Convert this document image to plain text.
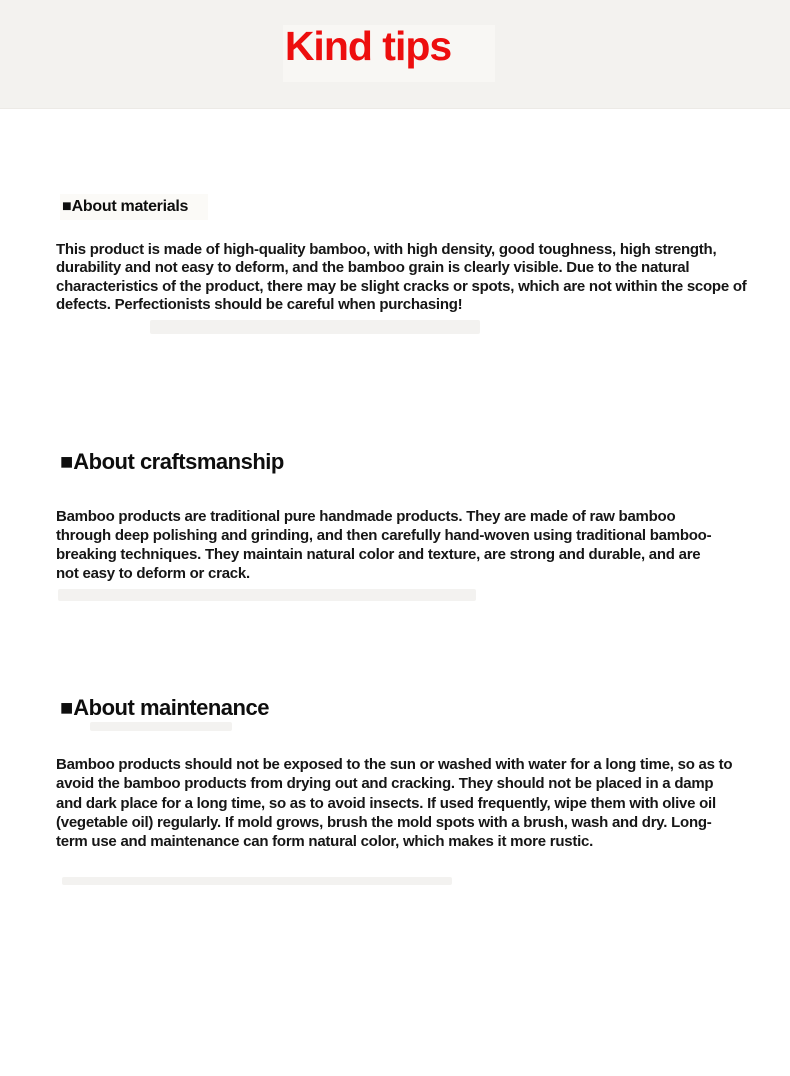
Kind tips
■ About materials

This product is made of high-quality bamboo, with high density, good toughness, high strength, durability and not easy to deform, and the bamboo grain is clearly visible. Due to the natural characteristics of the product, there may be slight cracks or spots, which are not within the scope of defects. Perfectionists should be careful when purchasing!

■ About craftsmanship

Bamboo products are traditional pure handmade products. They are made of raw bamboo through deep polishing and grinding, and then carefully hand-woven using traditional bamboo-breaking techniques. They maintain natural color and texture, are strong and durable, and are not easy to deform or crack.

■ About maintenance

Bamboo products should not be exposed to the sun or washed with water for a long time, so as to avoid the bamboo products from drying out and cracking. They should not be placed in a damp and dark place for a long time, so as to avoid insects. If used frequently, wipe them with olive oil (vegetable oil) regularly. If mold grows, brush the mold spots with a brush, wash and dry. Long-term use and maintenance can form natural color, which makes it more rustic.
